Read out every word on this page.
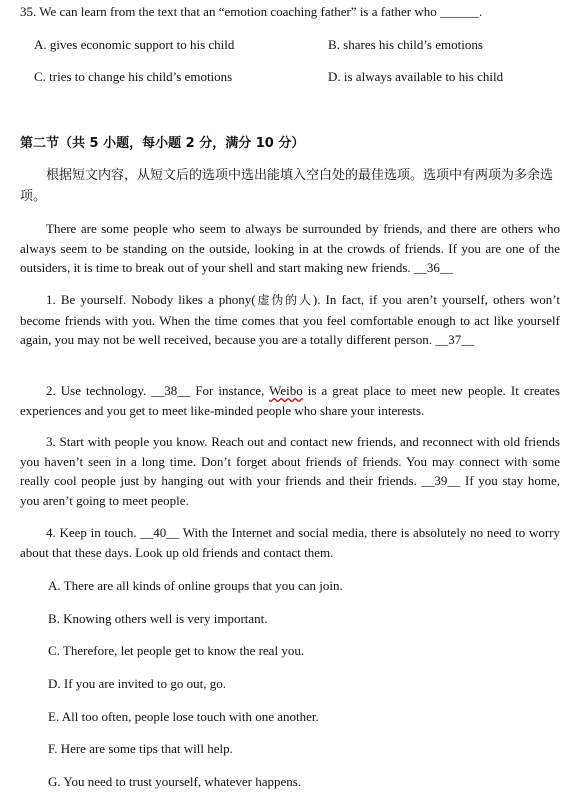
35. We can learn from the text that an “emotion coaching father” is a father who ______.
A. gives economic support to his child	B. shares his child’s emotions
C. tries to change his child’s emotions	D. is always available to his child
第二节（共 5 小题，每小题 2 分，满分 10 分）
根据短文内容，从短文后的选项中选出能填入空白处的最佳选项。选项中有两项为多余选项。
There are some people who seem to always be surrounded by friends, and there are others who always seem to be standing on the outside, looking in at the crowds of friends. If you are one of the outsiders, it is time to break out of your shell and start making new friends. __36__
1. Be yourself. Nobody likes a phony(虚伪的人). In fact, if you aren’t yourself, others won’t become friends with you. When the time comes that you feel comfortable enough to act like yourself again, you may not be well received, because you are a totally different person. __37__
2. Use technology. __38__ For instance, Weibo is a great place to meet new people. It creates experiences and you get to meet like-minded people who share your interests.
3. Start with people you know. Reach out and contact new friends, and reconnect with old friends you haven’t seen in a long time. Don’t forget about friends of friends. You may connect with some really cool people just by hanging out with your friends and their friends. __39__ If you stay home, you aren’t going to meet people.
4. Keep in touch. __40__ With the Internet and social media, there is absolutely no need to worry about that these days. Look up old friends and contact them.
A. There are all kinds of online groups that you can join.
B. Knowing others well is very important.
C. Therefore, let people get to know the real you.
D. If you are invited to go out, go.
E. All too often, people lose touch with one another.
F. Here are some tips that will help.
G. You need to trust yourself, whatever happens.
